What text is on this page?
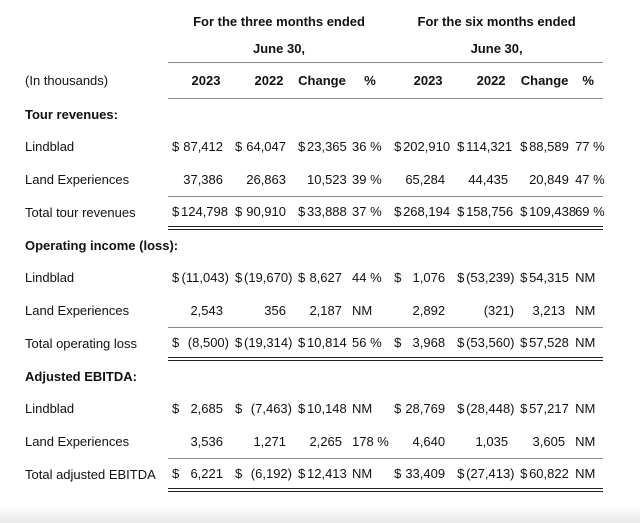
	For the three months ended							For the six months ended							
	June 30,							June 30,							
(In thousands)		2023		2022	Change		%		2023		2022	Change		%	
Tour revenues:															
Lindblad	$	87,412	$	64,047	$	23,365	36 %	$	202,910	$	114,321	$	88,589	77 %	
Land Experiences		37,386		26,863		10,523	39 %		65,284		44,435		20,849	47 %	
Total tour revenues	$	124,798	$	90,910	$	33,888	37 %	$	268,194	$	158,756	$	109,438	69 %	
Operating income (loss):															
Lindblad	$	(11,043)	$	(19,670)	$	8,627	44 %	$	1,076	$	(53,239)	$	54,315	NM	
Land Experiences		2,543		356		2,187	NM		2,892		(321)		3,213	NM	
Total operating loss	$	(8,500)	$	(19,314)	$	10,814	56 %	$	3,968	$	(53,560)	$	57,528	NM	
Adjusted EBITDA:															
Lindblad	$	2,685	$	(7,463)	$	10,148	NM	$	28,769	$	(28,448)	$	57,217	NM	
Land Experiences		3,536		1,271		2,265	178 %		4,640		1,035		3,605	NM	
Total adjusted EBITDA	$	6,221	$	(6,192)	$	12,413	NM	$	33,409	$	(27,413)	$	60,822	NM	
